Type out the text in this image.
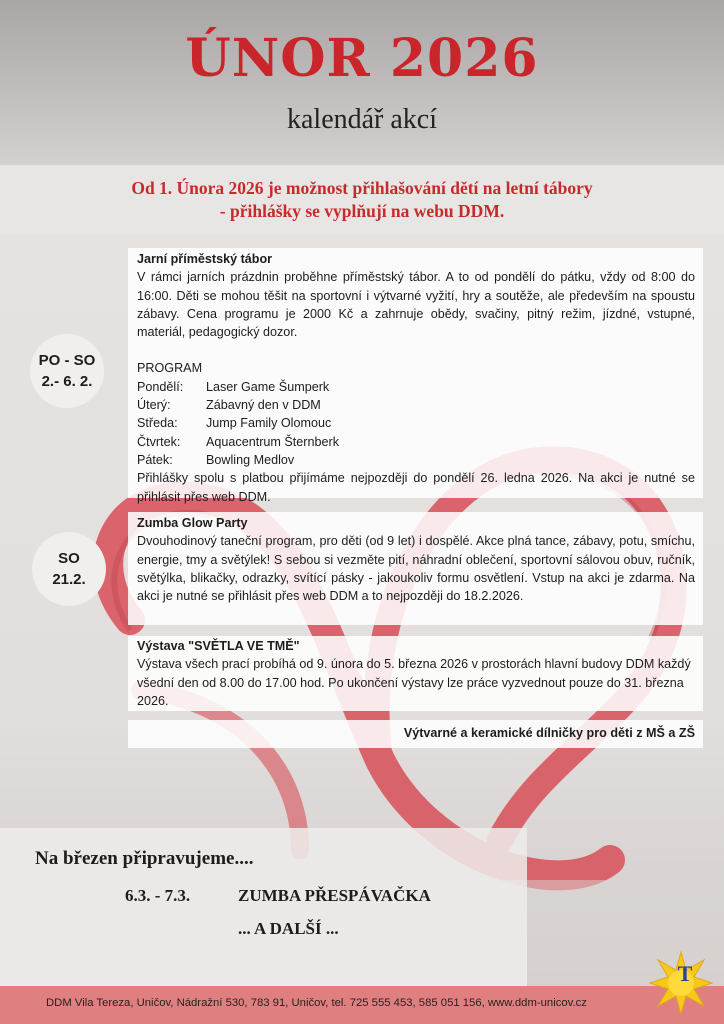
ÚNOR 2026
kalendář akcí
Od 1. Února 2026 je možnost přihlašování dětí na letní tábory
- přihlášky se vyplňují na webu DDM.
Jarní příměstský tábor
V rámci jarních prázdnin proběhne příměstský tábor. A to od pondělí do pátku, vždy od 8:00 do 16:00. Děti se mohou těšit na sportovní i výtvarné vyžití, hry a soutěže, ale především na spoustu zábavy. Cena programu je 2000 Kč a zahrnuje obědy, svačiny, pitný režim, jízdné, vstupné, materiál, pedagogický dozor.
PROGRAM
Pondělí:	Laser Game Šumperk
Úterý:	Zábavný den v DDM
Středa:	Jump Family Olomouc
Čtvrtek:	Aquacentrum Šternberk
Pátek:	Bowling Medlov
Přihlášky spolu s platbou přijímáme nejpozději do pondělí 26. ledna 2026. Na akci je nutné se přihlásit přes web DDM.
PO - SO
2.- 6. 2.
Zumba Glow Party
Dvouhodinový taneční program, pro děti (od 9 let) i dospělé. Akce plná tance, zábavy, potu, smíchu, energie, tmy a světýlek! S sebou si vezměte pití, náhradní oblečení, sportovní sálovou obuv, ručník, světýlka, blikačky, odrazky, svítící pásky - jakoukoliv formu osvětlení. Vstup na akci je zdarma. Na akci je nutné se přihlásit přes web DDM a to nejpozději do 18.2.2026.
SO
21.2.
Výstava "SVĚTLA VE TMĚ"
Výstava všech prací probíhá od 9. února do 5. března 2026 v prostorách hlavní budovy DDM každý všední den od 8.00 do 17.00 hod. Po ukončení výstavy lze práce vyzvednout pouze do 31. března 2026.
Výtvarné a keramické dílničky pro děti z MŠ a ZŠ
Na březen připravujeme....
6.3. - 7.3.	ZUMBA PŘESPÁVAČKA
... A DALŠÍ ...
DDM Vila Tereza, Uničov, Nádražní 530, 783 91, Uničov, tel. 725 555 453, 585 051 156, www.ddm-unicov.cz
T
